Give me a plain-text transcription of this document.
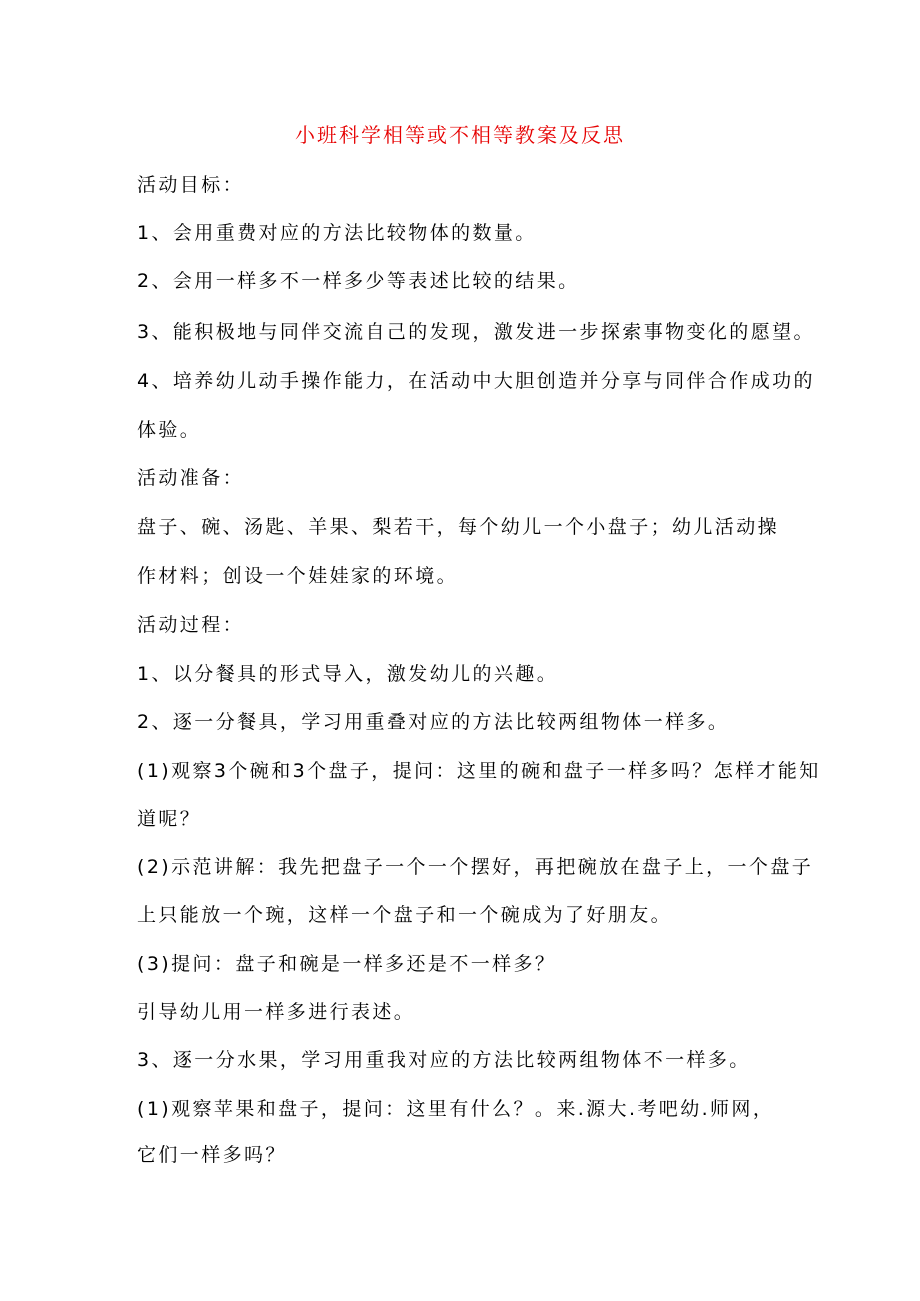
小班科学相等或不相等教案及反思
活动目标：
1、会用重费对应的方法比较物体的数量。
2、会用一样多不一样多少等表述比较的结果。
3、能积极地与同伴交流自己的发现，激发进一步探索事物变化的愿望。
4、培养幼儿动手操作能力，在活动中大胆创造并分享与同伴合作成功的
体验。
活动准备：
盘子、碗、汤匙、羊果、梨若干，每个幼儿一个小盘子；幼儿活动操
作材料；创设一个娃娃家的环境。
活动过程：
1、以分餐具的形式导入，激发幼儿的兴趣。
2、逐一分餐具，学习用重叠对应的方法比较两组物体一样多。
(1)观察3个碗和3个盘子，提问：这里的碗和盘子一样多吗？怎样才能知
道呢？
(2)示范讲解：我先把盘子一个一个摆好，再把碗放在盘子上，一个盘子
上只能放一个琬，这样一个盘子和一个碗成为了好朋友。
(3)提问：盘子和碗是一样多还是不一样多？
引导幼儿用一样多进行表述。
3、逐一分水果，学习用重我对应的方法比较两组物体不一样多。
(1)观察苹果和盘子，提问：这里有什么？。来.源大.考吧幼.师网，
它们一样多吗？
